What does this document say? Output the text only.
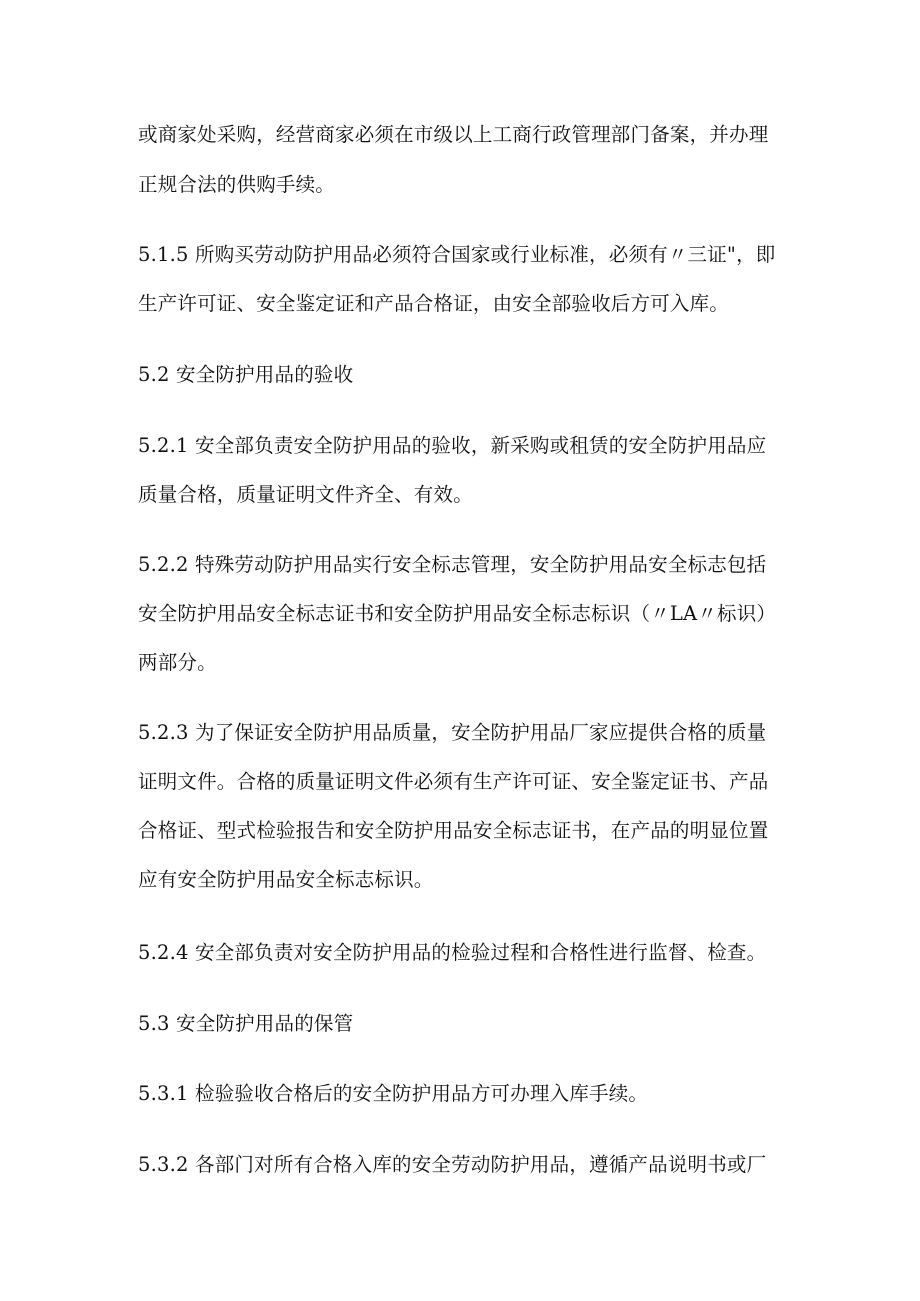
或商家处采购，经营商家必须在市级以上工商行政管理部门备案，并办理
正规合法的供购手续。
5.1.5 所购买劳动防护用品必须符合国家或行业标准，必须有〃三证"，即
生产许可证、安全鉴定证和产品合格证，由安全部验收后方可入库。
5.2 安全防护用品的验收
5.2.1 安全部负责安全防护用品的验收，新采购或租赁的安全防护用品应
质量合格，质量证明文件齐全、有效。
5.2.2 特殊劳动防护用品实行安全标志管理，安全防护用品安全标志包括
安全防护用品安全标志证书和安全防护用品安全标志标识（〃LA〃标识）
两部分。
5.2.3 为了保证安全防护用品质量，安全防护用品厂家应提供合格的质量
证明文件。合格的质量证明文件必须有生产许可证、安全鉴定证书、产品
合格证、型式检验报告和安全防护用品安全标志证书，在产品的明显位置
应有安全防护用品安全标志标识。
5.2.4 安全部负责对安全防护用品的检验过程和合格性进行监督、检查。
5.3 安全防护用品的保管
5.3.1 检验验收合格后的安全防护用品方可办理入库手续。
5.3.2 各部门对所有合格入库的安全劳动防护用品，遵循产品说明书或厂
